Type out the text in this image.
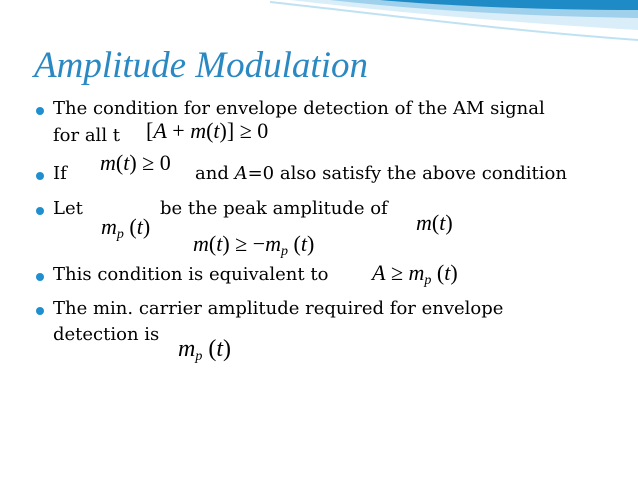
Amplitude Modulation
The condition for envelope detection of the AM signal
for all t [A + m(t)] ≥ 0
If m(t) ≥ 0 and A=0 also satisfy the above condition
Let	be the peak amplitude of
$m_p$ (t)	m(t)
$m(t) \ge -m_p$ (t)
This condition is equivalent to $A \ge m_p$ (t)
The min. carrier amplitude required for envelope
detection is
$m_p$ (t)
